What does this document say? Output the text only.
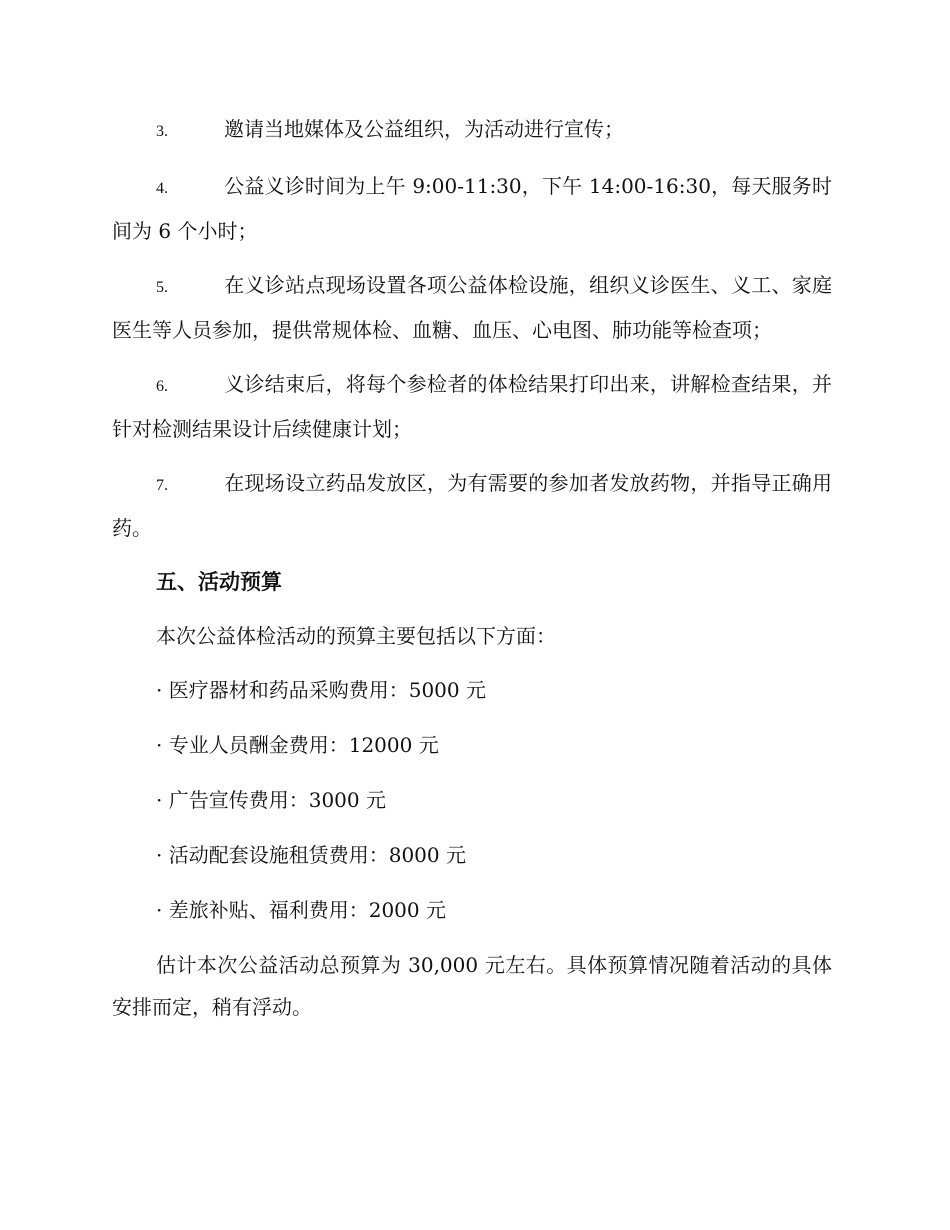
3.	邀请当地媒体及公益组织，为活动进行宣传；

4.	公益义诊时间为上午 9:00-11:30，下午 14:00-16:30，每天服务时间为 6 个小时；

5.	在义诊站点现场设置各项公益体检设施，组织义诊医生、义工、家庭医生等人员参加，提供常规体检、血糖、血压、心电图、肺功能等检查项；

6.	义诊结束后，将每个参检者的体检结果打印出来，讲解检查结果，并针对检测结果设计后续健康计划；

7.	在现场设立药品发放区，为有需要的参加者发放药物，并指导正确用药。

五、活动预算

本次公益体检活动的预算主要包括以下方面：

· 医疗器材和药品采购费用：5000 元

· 专业人员酬金费用：12000 元

· 广告宣传费用：3000 元

· 活动配套设施租赁费用：8000 元

· 差旅补贴、福利费用：2000 元

估计本次公益活动总预算为 30,000 元左右。具体预算情况随着活动的具体安排而定，稍有浮动。
